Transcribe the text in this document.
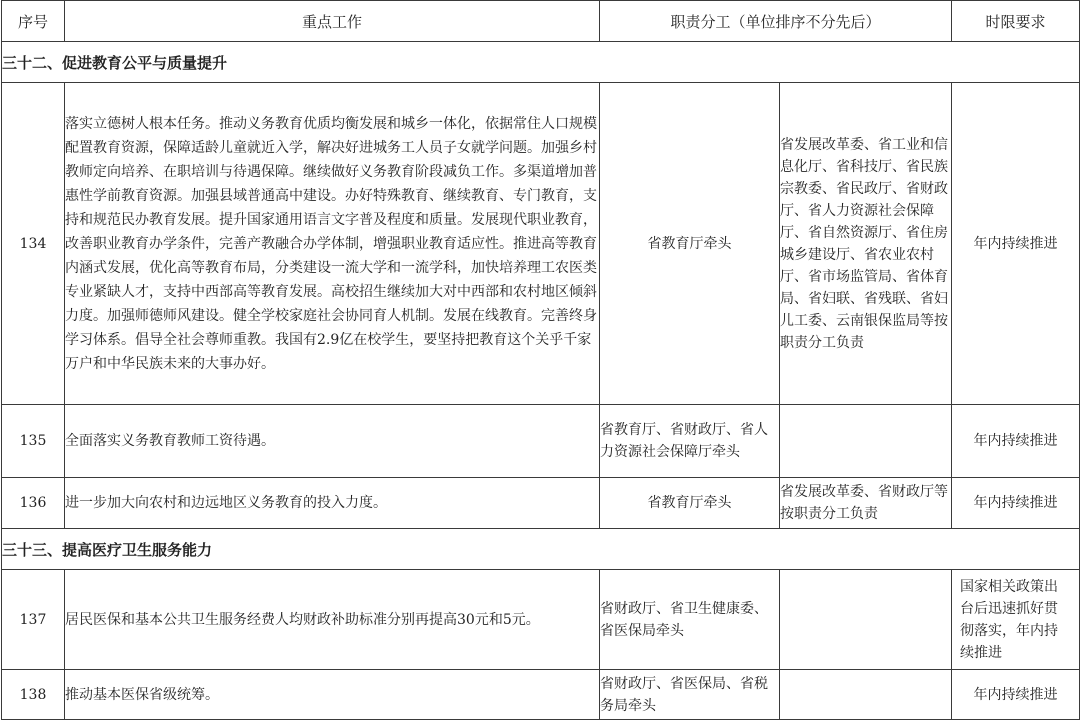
序号	重点工作	职责分工（单位排序不分先后）		时限要求
三十二、促进教育公平与质量提升				
134	落实立德树人根本任务。推动义务教育优质均衡发展和城乡一体化，依据常住人口规模配置教育资源，保障适龄儿童就近入学，解决好进城务工人员子女就学问题。加强乡村教师定向培养、在职培训与待遇保障。继续做好义务教育阶段减负工作。多渠道增加普惠性学前教育资源。加强县域普通高中建设。办好特殊教育、继续教育、专门教育，支持和规范民办教育发展。提升国家通用语言文字普及程度和质量。发展现代职业教育，改善职业教育办学条件，完善产教融合办学体制，增强职业教育适应性。推进高等教育内涵式发展，优化高等教育布局，分类建设一流大学和一流学科，加快培养理工农医类专业紧缺人才，支持中西部高等教育发展。高校招生继续加大对中西部和农村地区倾斜力度。加强师德师风建设。健全学校家庭社会协同育人机制。发展在线教育。完善终身学习体系。倡导全社会尊师重教。我国有2.9亿在校学生，要坚持把教育这个关乎千家万户和中华民族未来的大事办好。	省教育厅牵头	省发展改革委、省工业和信息化厅、省科技厅、省民族宗教委、省民政厅、省财政厅、省人力资源社会保障厅、省自然资源厅、省住房城乡建设厅、省农业农村厅、省市场监管局、省体育局、省妇联、省残联、省妇儿工委、云南银保监局等按职责分工负责	年内持续推进
135	全面落实义务教育教师工资待遇。	省教育厅、省财政厅、省人力资源社会保障厅牵头		年内持续推进
136	进一步加大向农村和边远地区义务教育的投入力度。	省教育厅牵头	省发展改革委、省财政厅等按职责分工负责	年内持续推进
三十三、提高医疗卫生服务能力				
137	居民医保和基本公共卫生服务经费人均财政补助标准分别再提高30元和5元。	省财政厅、省卫生健康委、省医保局牵头		国家相关政策出台后迅速抓好贯彻落实，年内持续推进
138	推动基本医保省级统筹。	省财政厅、省医保局、省税务局牵头		年内持续推进
